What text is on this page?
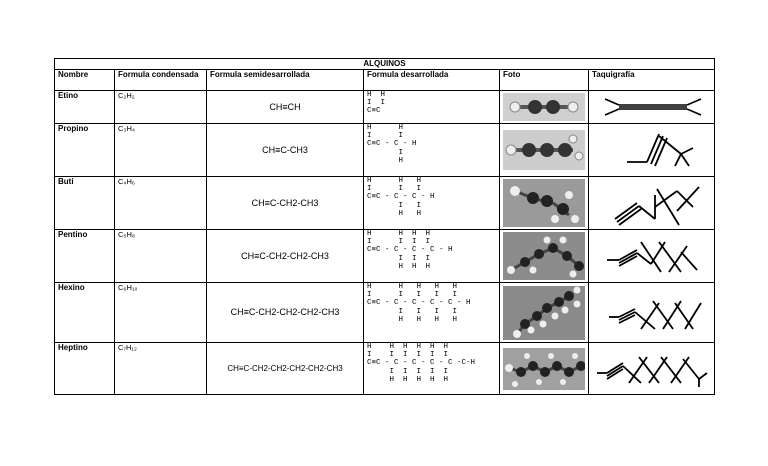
ALQUINOS					
Nombre	Formula condensada	Formula semidesarrollada	Formula desarrollada	Foto	Taquigrafía
Etino	C₂H₂	CH≡CH	H  H
I  I
C≡C	

Propino	C₃H₄	CH≡C-CH3	H      H
I      I
C≡C - C - H
I
H	

Buti	C₄H₆	CH≡C-CH2-CH3	H      H   H
I      I   I
C≡C - C - C - H
I   I
H   H	

Pentino	C₅H₈	CH≡C-CH2-CH2-CH3	H      H  H  H
I      I  I  I
C≡C - C - C - C - H
I  I  I
H  H  H	

Hexino	C₆H₁₀	CH≡C-CH2-CH2-CH2-CH3	H      H   H   H   H
I      I   I   I   I
C≡C - C - C - C - C - H
I   I   I   I
H   H   H   H	

Heptino	C₇H₁₂	CH≡C-CH2-CH2-CH2-CH2-CH3	H    H  H  H  H  H
I    I  I  I  I  I
C≡C - C - C - C - C -C-H
I  I  I  I  I
H  H  H  H  H	
